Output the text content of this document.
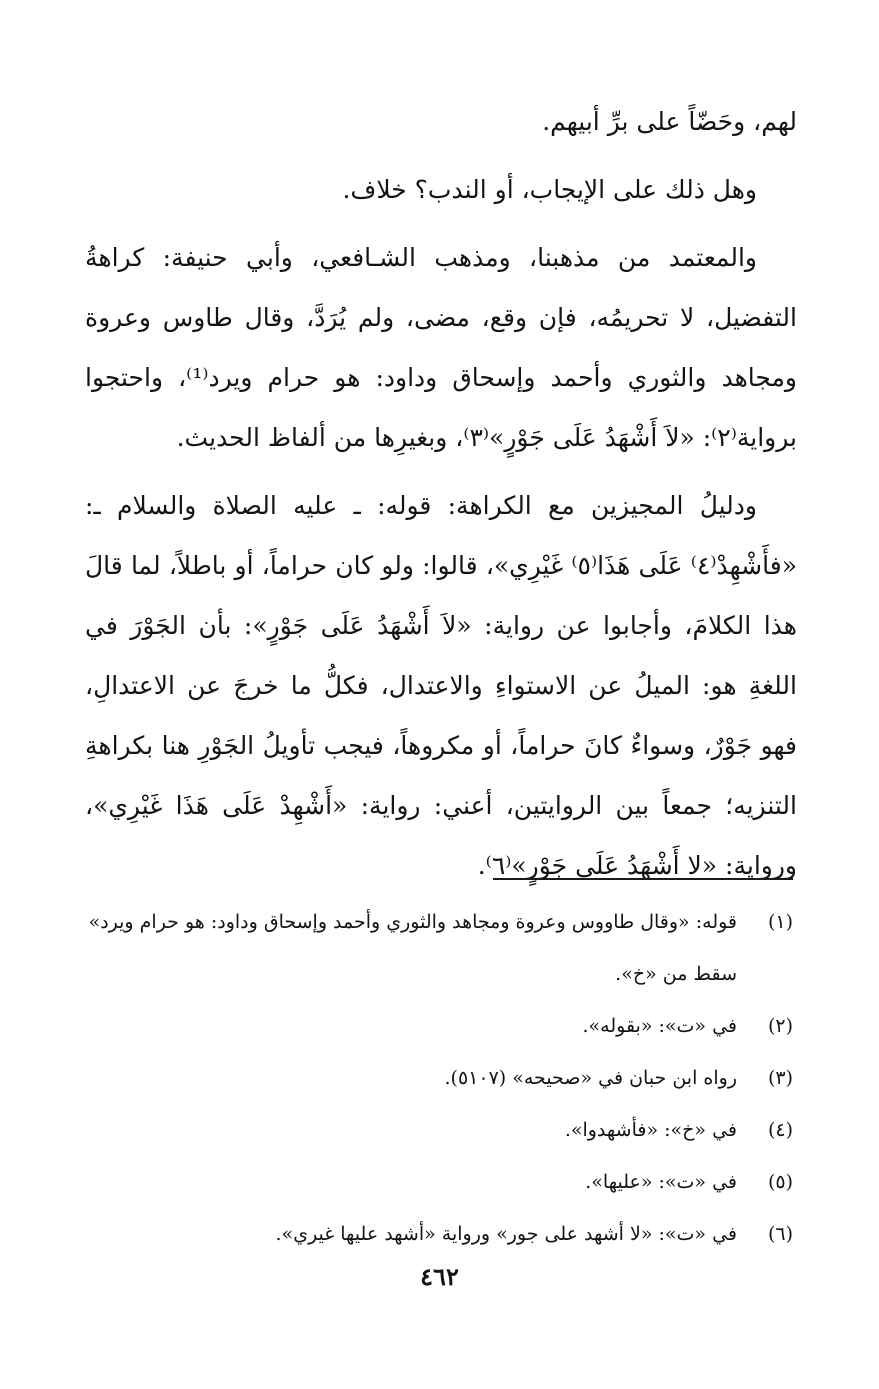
لهم، وحَضّاً على برِّ أبيهم.

وهل ذلك على الإيجاب، أو الندب؟ خلاف.

والمعتمد من مذهبنا، ومذهب الشـافعي، وأبي حنيفة: كراهةُ التفضيل، لا تحريمُه، فإن وقع، مضى، ولم يُرَدَّ، وقال طاوس وعروة ومجاهد والثوري وأحمد وإسحاق وداود: هو حرام ويرد⁽¹⁾، واحتجوا برواية⁽٢⁾: «لاَ أَشْهَدُ عَلَى جَوْرٍ»⁽٣⁾، وبغيرِها من ألفاظ الحديث.

ودليلُ المجيزين مع الكراهة: قوله: ـ عليه الصلاة والسلام ـ: «فأَشْهِدْ⁽٤⁾ عَلَى هَذَا⁽٥⁾ غَيْرِي»، قالوا: ولو كان حراماً، أو باطلاً، لما قالَ هذا الكلامَ، وأجابوا عن رواية: «لاَ أَشْهَدُ عَلَى جَوْرٍ»: بأن الجَوْرَ في اللغةِ هو: الميلُ عن الاستواءِ والاعتدال، فكلُّ ما خرجَ عن الاعتدالِ، فهو جَوْرٌ، وسواءٌ كانَ حراماً، أو مكروهاً، فيجب تأويلُ الجَوْرِ هنا بكراهةِ التنزيه؛ جمعاً بين الروايتين، أعني: رواية: «أَشْهِدْ عَلَى هَذَا غَيْرِي»، ورواية: «لا أَشْهَدُ عَلَى جَوْرٍ»⁽٦⁾.

(١)
قوله: «وقال طاووس وعروة ومجاهد والثوري وأحمد وإسحاق وداود: هو حرام ويرد» سقط من «خ».
(٢)
في «ت»: «بقوله».
(٣)
رواه ابن حبان في «صحيحه» (٥١٠٧).
(٤)
في «خ»: «فأشهدوا».
(٥)
في «ت»: «عليها».
(٦)
في «ت»: «لا أشهد على جور» ورواية «أشهد عليها غيري».
٤٦٢
